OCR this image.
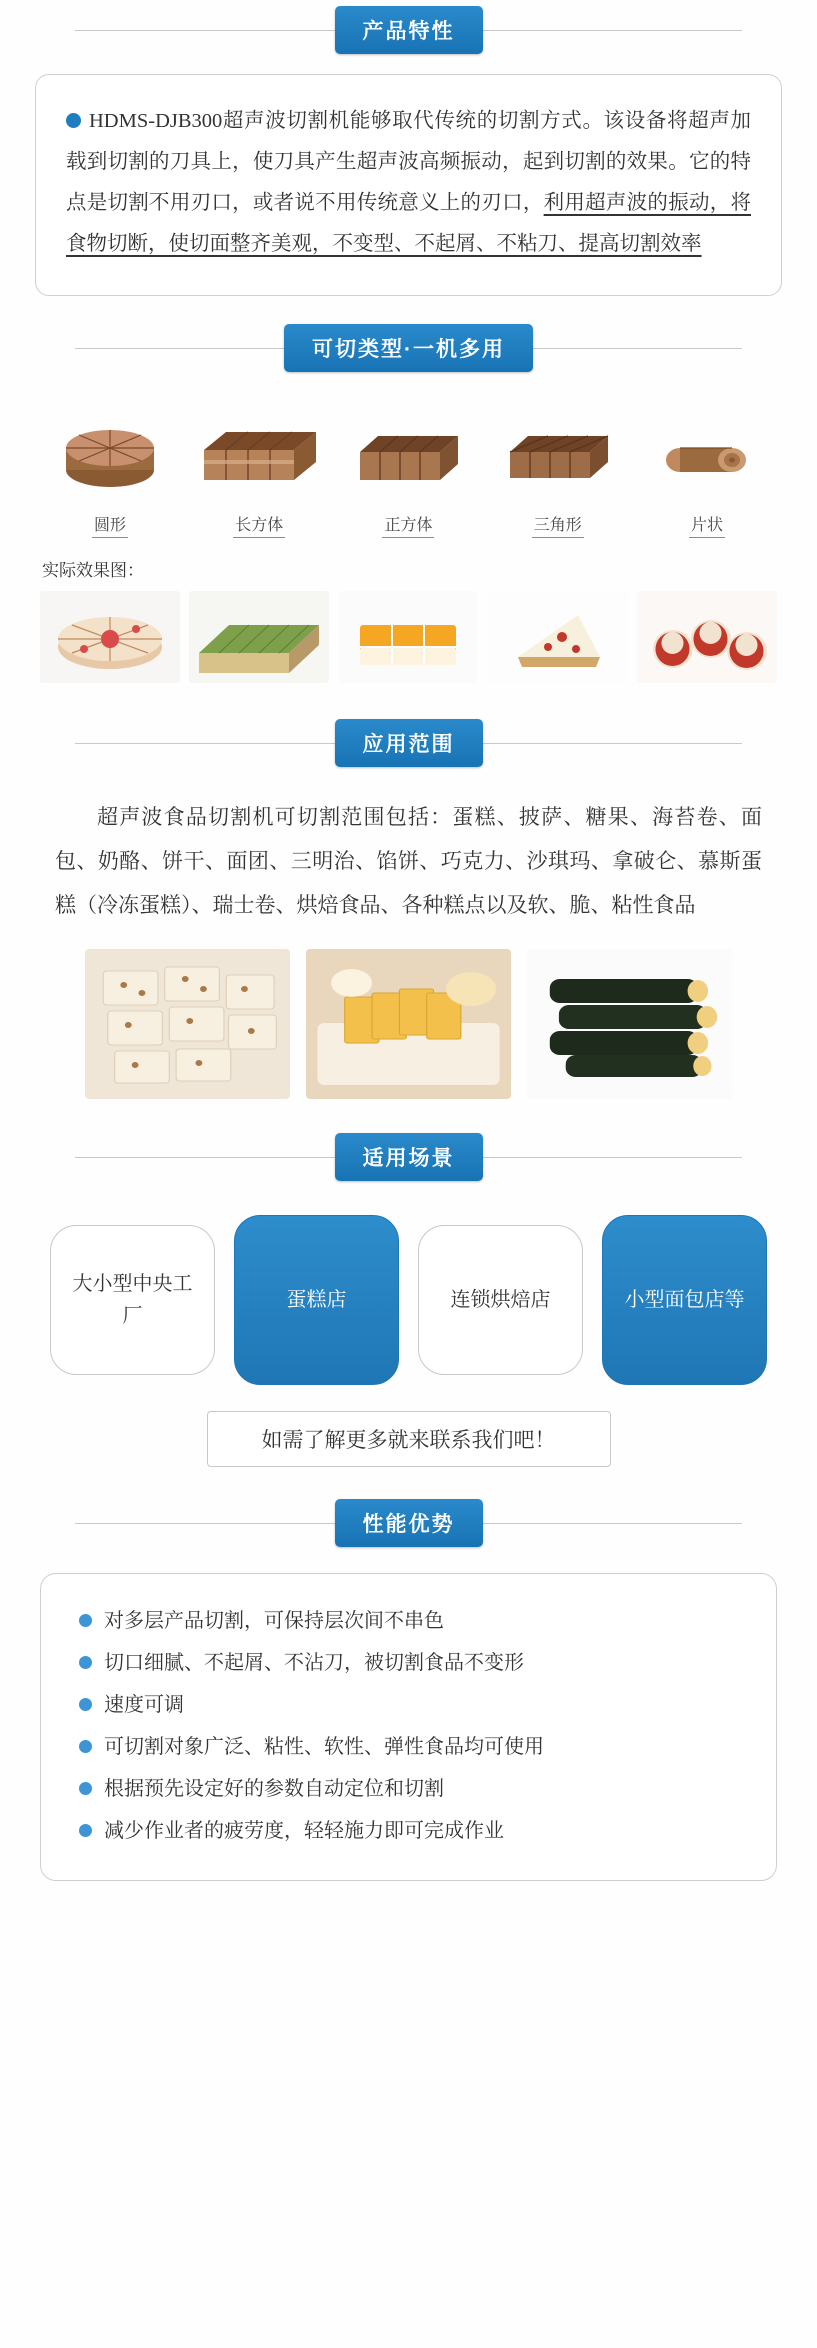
产品特性
HDMS-DJB300超声波切割机能够取代传统的切割方式。该设备将超声加载到切割的刀具上，使刀具产生超声波高频振动，起到切割的效果。它的特点是切割不用刃口，或者说不用传统意义上的刃口，利用超声波的振动，将食物切断，使切面整齐美观，不变型、不起屑、不粘刀、提高切割效率
可切类型·一机多用
圆形	长方体	正方体	三角形	片状
实际效果图：
应用范围
超声波食品切割机可切割范围包括：蛋糕、披萨、糖果、海苔卷、面包、奶酪、饼干、面团、三明治、馅饼、巧克力、沙琪玛、拿破仑、慕斯蛋糕（冷冻蛋糕）、瑞士卷、烘焙食品、各种糕点以及软、脆、粘性食品
适用场景
大小型中央工厂
蛋糕店	连锁烘焙店	小型面包店等
如需了解更多就来联系我们吧！
性能优势
对多层产品切割，可保持层次间不串色
切口细腻、不起屑、不沾刀，被切割食品不变形
速度可调
可切割对象广泛、粘性、软性、弹性食品均可使用
根据预先设定好的参数自动定位和切割
减少作业者的疲劳度，轻轻施力即可完成作业
